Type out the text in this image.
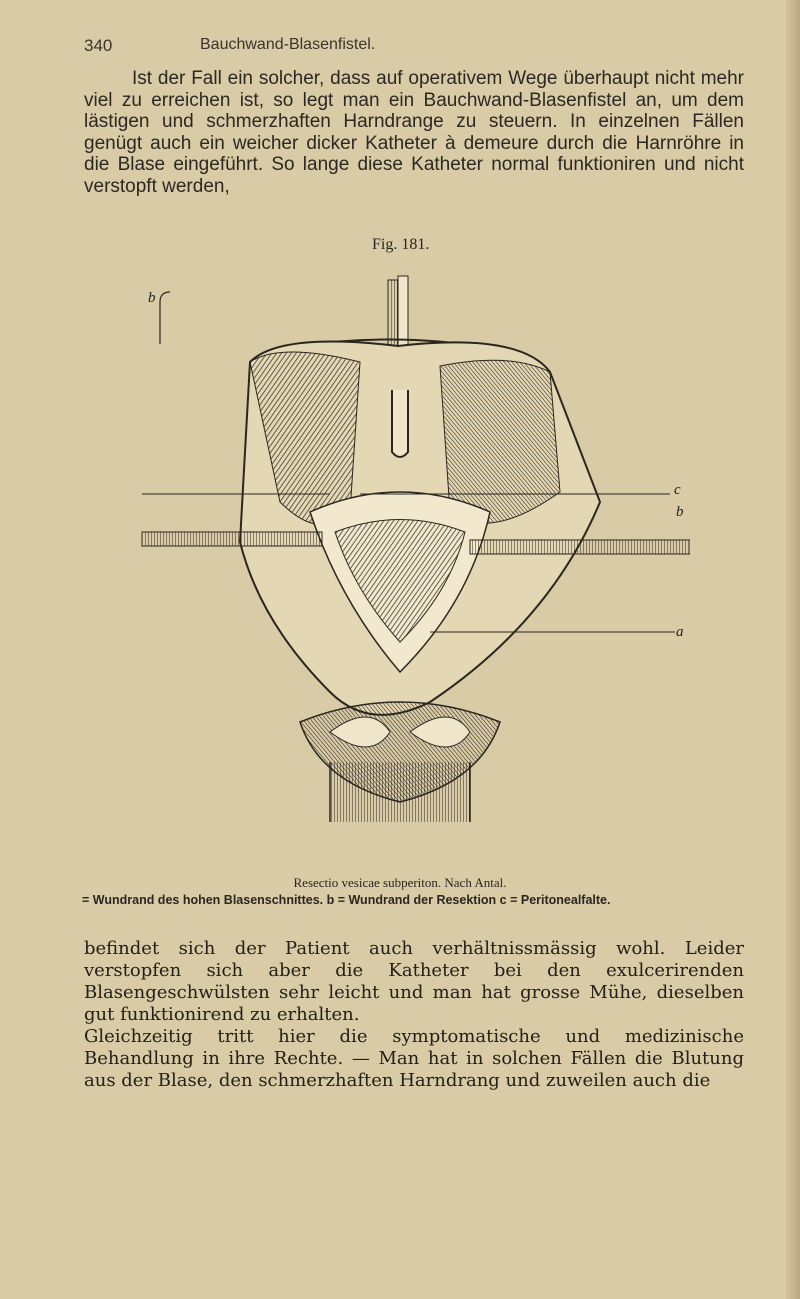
340	Bauchwand-Blasenfistel.

Ist der Fall ein solcher, dass auf operativem Wege überhaupt nicht mehr viel zu erreichen ist, so legt man ein Bauchwand-Blasenfistel an, um dem lästigen und schmerzhaften Harndrange zu steuern. In einzelnen Fällen genügt auch ein weicher dicker Katheter à demeure durch die Harnröhre in die Blase eingeführt. So lange diese Katheter normal funktioniren und nicht verstopft werden,

Fig. 181.

b
c
b
a

Resectio vesicae subperiton. Nach Antal.

= Wundrand des hohen Blasenschnittes. b = Wundrand der Resektion c = Peritonealfalte.

befindet sich der Patient auch verhältnissmässig wohl. Leider verstopfen sich aber die Katheter bei den exulcerirenden Blasengeschwülsten sehr leicht und man hat grosse Mühe, dieselben gut funktionirend zu erhalten.

Gleichzeitig tritt hier die symptomatische und medizinische Behandlung in ihre Rechte. — Man hat in solchen Fällen die Blutung aus der Blase, den schmerzhaften Harndrang und zuweilen auch die
